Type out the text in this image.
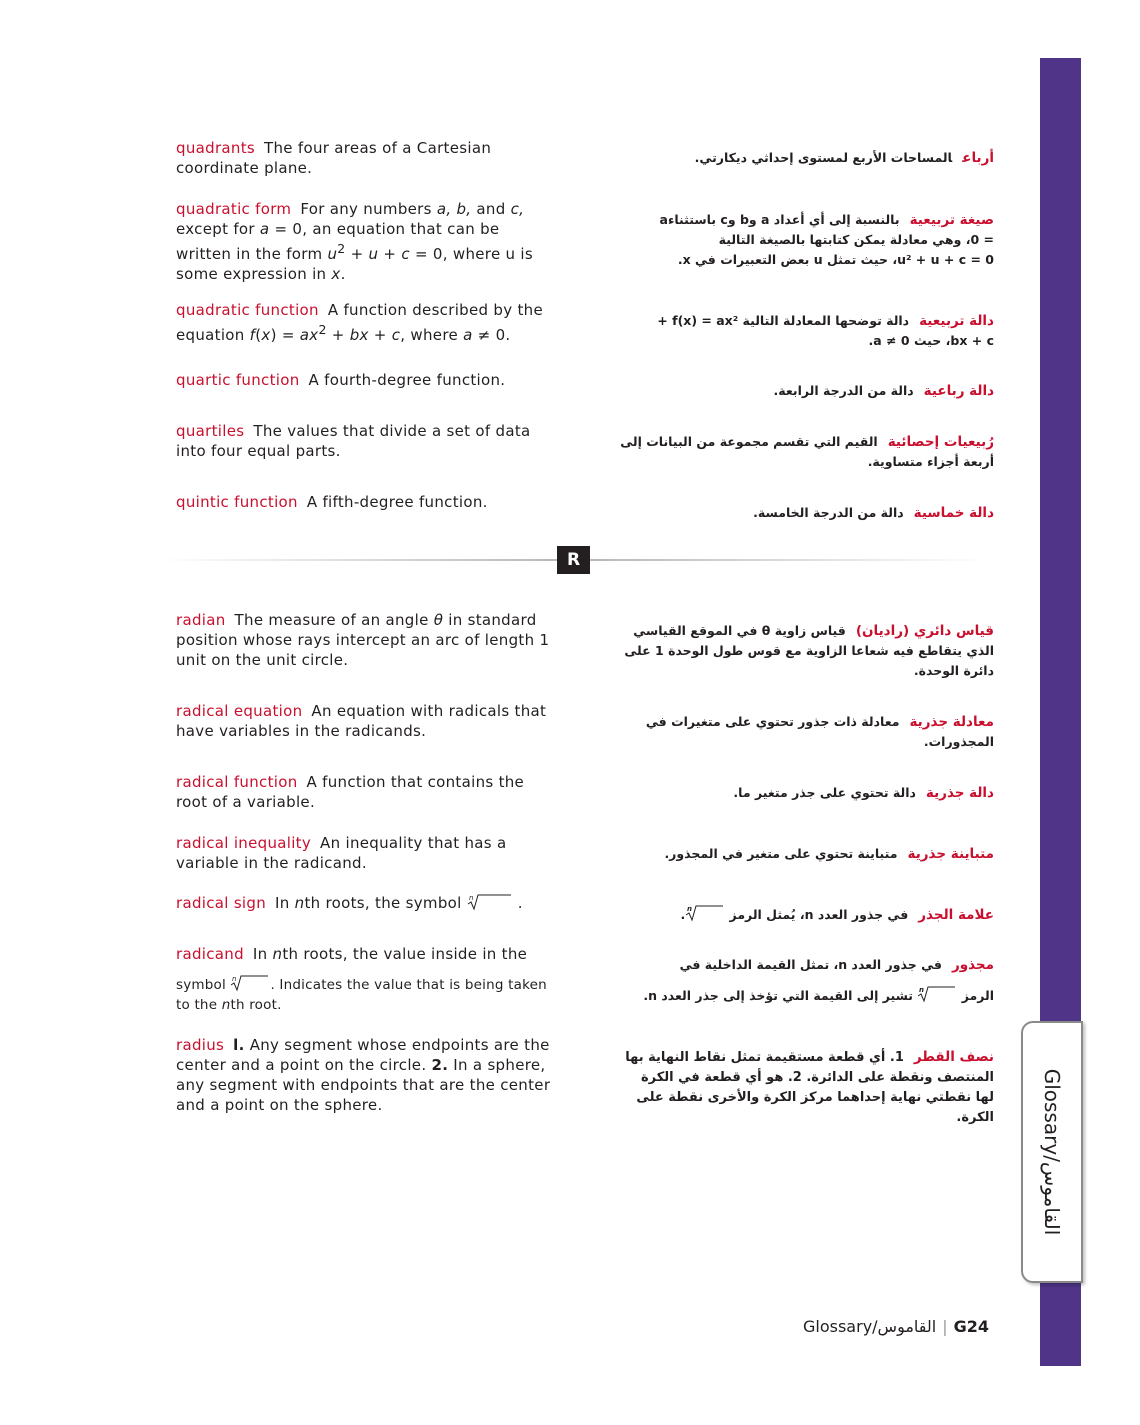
Glossary/القاموس
quadrants The four areas of a Cartesian coordinate plane.
quadratic form For any numbers a, b, and c, except for a = 0, an equation that can be written in the form $u^2 + u + c = 0$, where u is some expression in x.
quadratic function A function described by the equation $f(x) = ax^2$ + bx + c, where a ≠ 0.
quartic function A fourth-degree function.
quartiles The values that divide a set of data into four equal parts.
quintic function A fifth-degree function.
R
radian The measure of an angle θ in standard position whose rays intercept an arc of length 1 unit on the unit circle.
radical equation An equation with radicals that have variables in the radicands.
radical function A function that contains the root of a variable.
radical inequality An inequality that has a variable in the radicand.
radical sign In nth roots, the symbol n	.
radicand In nth roots, the value inside in the
symbol n . Indicates the value that is being taken to the nth root.
radius l. Any segment whose endpoints are the center and a point on the circle. 2. In a sphere, any segment with endpoints that are the center and a point on the sphere.
أرباعالمساحات الأربع لمستوى إحداثي ديكارتي.
صيغة تربيعيةبالنسبة إلى أي أعداد a وb وc باستثناءa
= 0، وهي معادلة يمكن كتابتها بالصيغة التالية
u² + u + c = 0، حيث تمثل u بعض التعبيرات في x.
دالة تربيعيةدالة توضحها المعادلة التالية f(x) = ax² +
bx + c، حيث a ≠ 0.
دالة رباعيةدالة من الدرجة الرابعة.
رُبيعيات إحصائيةالقيم التي تقسم مجموعة من البيانات إلى أربعة أجزاء متساوية.
دالة خماسيةدالة من الدرجة الخامسة.
قياس دائري (راديان)قياس زاوية θ في الموقع القياسي الذي يتقاطع فيه شعاعا الزاوية مع قوس طول الوحدة 1 على دائرة الوحدة.
معادلة جذريةمعادلة ذات جذور تحتوي على متغيرات في المجذورات.
دالة جذريةدالة تحتوي على جذر متغير ما.
متباينة جذريةمتباينة تحتوي على متغير في المجذور.
علامة الجذرفي جذور العدد n، يُمثل الرمز
n
.
مجذورفي جذور العدد n، تمثل القيمة الداخلية في
الرمز
n
تشير إلى القيمة التي تؤخذ إلى جذر العدد n.
نصف القطر1. أي قطعة مستقيمة تمثل نقاط النهاية بها المنتصف ونقطة على الدائرة. 2. هو أي قطعة في الكرة لها نقطتي نهاية إحداهما مركز الكرة والأخرى نقطة على الكرة.
Glossary/القاموس | G24
